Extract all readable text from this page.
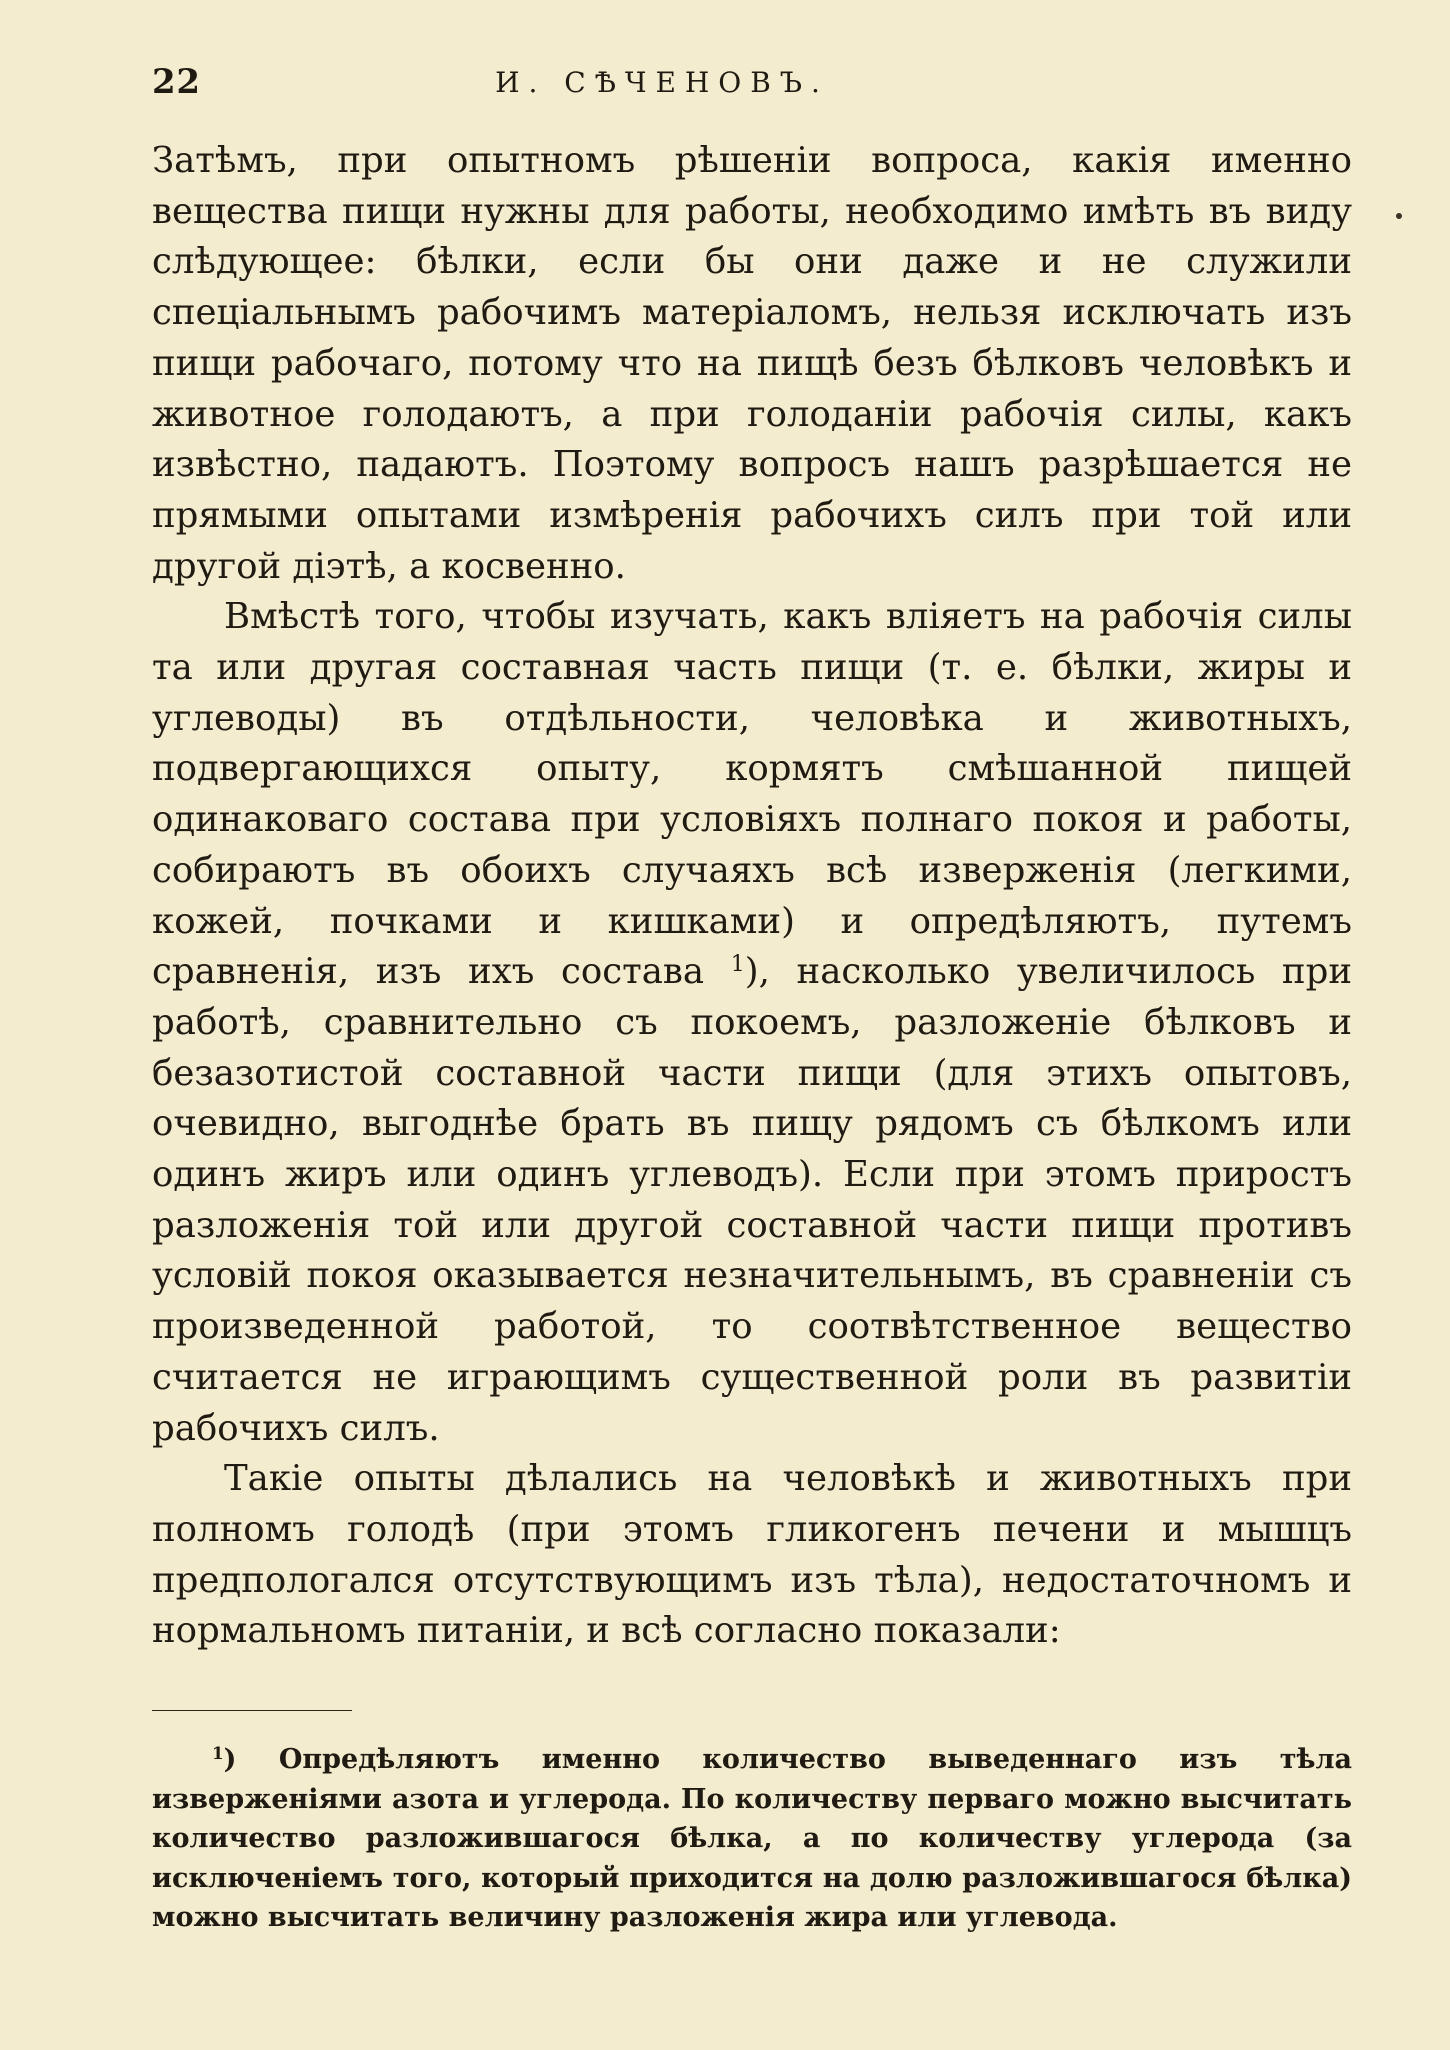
22	И. СѢЧЕНОВЪ.

Затѣмъ, при опытномъ рѣшенiи вопроса, какiя именно вещества пищи нужны для работы, необходимо имѣть въ виду слѣдующее: бѣлки, если бы они даже и не служили спецiальнымъ рабочимъ матерiаломъ, нельзя исключать изъ пищи рабочаго, потому что на пищѣ безъ бѣлковъ человѣкъ и животное голодаютъ, а при голоданiи рабочiя силы, какъ извѣстно, падаютъ. Поэтому вопросъ нашъ разрѣшается не прямыми опытами измѣренiя рабочихъ силъ при той или другой дiэтѣ, а косвенно.

Вмѣстѣ того, чтобы изучать, какъ влiяетъ на рабочiя силы та или другая составная часть пищи (т. е. бѣлки, жиры и углеводы) въ отдѣльности, человѣка и животныхъ, подвергающихся опыту, кормятъ смѣшанной пищей одинаковаго состава при условiяхъ полнаго покоя и работы, собираютъ въ обоихъ случаяхъ всѣ изверженiя (легкими, кожей, почками и кишками) и опредѣляютъ, путемъ сравненiя, изъ ихъ состава $^1$), насколько увеличилось при работѣ, сравнительно съ покоемъ, разложенiе бѣлковъ и безазотистой составной части пищи (для этихъ опытовъ, очевидно, выгоднѣе брать въ пищу рядомъ съ бѣлкомъ или одинъ жиръ или одинъ углеводъ). Если при этомъ приростъ разложенiя той или другой составной части пищи противъ условiй покоя оказывается незначительнымъ, въ сравненiи съ произведенной работой, то соотвѣтственное вещество считается не играющимъ существенной роли въ развитiи рабочихъ силъ.

Такiе опыты дѣлались на человѣкѣ и животныхъ при полномъ голодѣ (при этомъ гликогенъ печени и мышцъ предпологался отсутствующимъ изъ тѣла), недостаточномъ и нормальномъ питанiи, и всѣ согласно показали:

$^1$) Опредѣляютъ именно количество выведеннаго изъ тѣла изверженiями азота и углерода. По количеству перваго можно высчитать количество разложившагося бѣлка, а по количеству углерода (за исключенiемъ того, который приходится на долю разложившагося бѣлка) можно высчитать величину разложенiя жира или углевода.
